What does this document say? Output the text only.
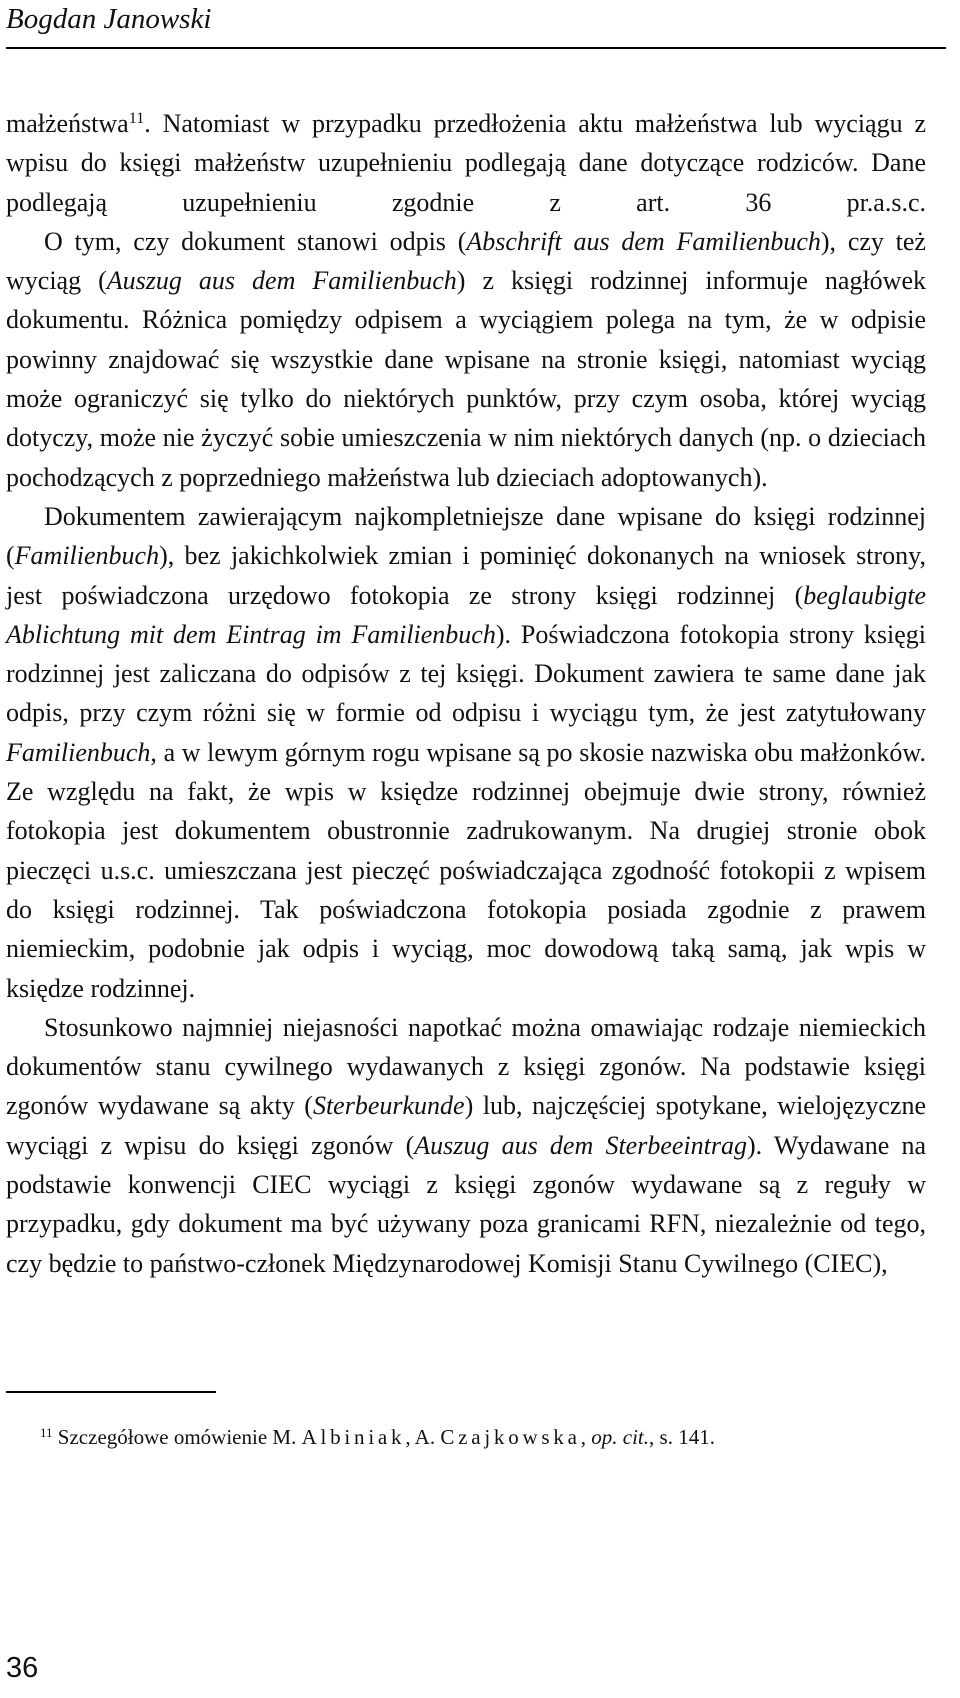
Bogdan Janowski

małżeństwa$^{11}$. Natomiast w przypadku przedłożenia aktu małżeństwa lub wyciągu z wpisu do księgi małżeństw uzupełnieniu podlegają dane dotyczące rodziców. Dane podlegają uzupełnieniu zgodnie z art. 36 pr.a.s.c.

O tym, czy dokument stanowi odpis (Abschrift aus dem Familienbuch), czy też wyciąg (Auszug aus dem Familienbuch) z księgi rodzinnej informuje nagłówek dokumentu. Różnica pomiędzy odpisem a wyciągiem polega na tym, że w odpisie powinny znajdować się wszystkie dane wpisane na stronie księgi, natomiast wyciąg może ograniczyć się tylko do niektórych punktów, przy czym osoba, której wyciąg dotyczy, może nie życzyć sobie umieszczenia w nim niektórych danych (np. o dzieciach pochodzących z poprzedniego małżeństwa lub dzieciach adoptowanych).

Dokumentem zawierającym najkompletniejsze dane wpisane do księgi rodzinnej (Familienbuch), bez jakichkolwiek zmian i pominięć dokonanych na wniosek strony, jest poświadczona urzędowo fotokopia ze strony księgi rodzinnej (beglaubigte Ablichtung mit dem Eintrag im Familienbuch). Poświadczona fotokopia strony księgi rodzinnej jest zaliczana do odpisów z tej księgi. Dokument zawiera te same dane jak odpis, przy czym różni się w formie od odpisu i wyciągu tym, że jest zatytułowany Familienbuch, a w lewym górnym rogu wpisane są po skosie nazwiska obu małżonków. Ze względu na fakt, że wpis w księdze rodzinnej obejmuje dwie strony, również fotokopia jest dokumentem obustronnie zadrukowanym. Na drugiej stronie obok pieczęci u.s.c. umieszczana jest pieczęć poświadczająca zgodność fotokopii z wpisem do księgi rodzinnej. Tak poświadczona fotokopia posiada zgodnie z prawem niemieckim, podobnie jak odpis i wyciąg, moc dowodową taką samą, jak wpis w księdze rodzinnej.

Stosunkowo najmniej niejasności napotkać można omawiając rodzaje niemieckich dokumentów stanu cywilnego wydawanych z księgi zgonów. Na podstawie księgi zgonów wydawane są akty (Sterbeurkunde) lub, najczęściej spotykane, wielojęzyczne wyciągi z wpisu do księgi zgonów (Auszug aus dem Sterbeeintrag). Wydawane na podstawie konwencji CIEC wyciągi z księgi zgonów wydawane są z reguły w przypadku, gdy dokument ma być używany poza granicami RFN, niezależnie od tego, czy będzie to państwo-członek Międzynarodowej Komisji Stanu Cywilnego (CIEC),

$^{11}$ Szczegółowe omówienie M. Albiniak, A. Czajkowska, op. cit., s. 141.
36
